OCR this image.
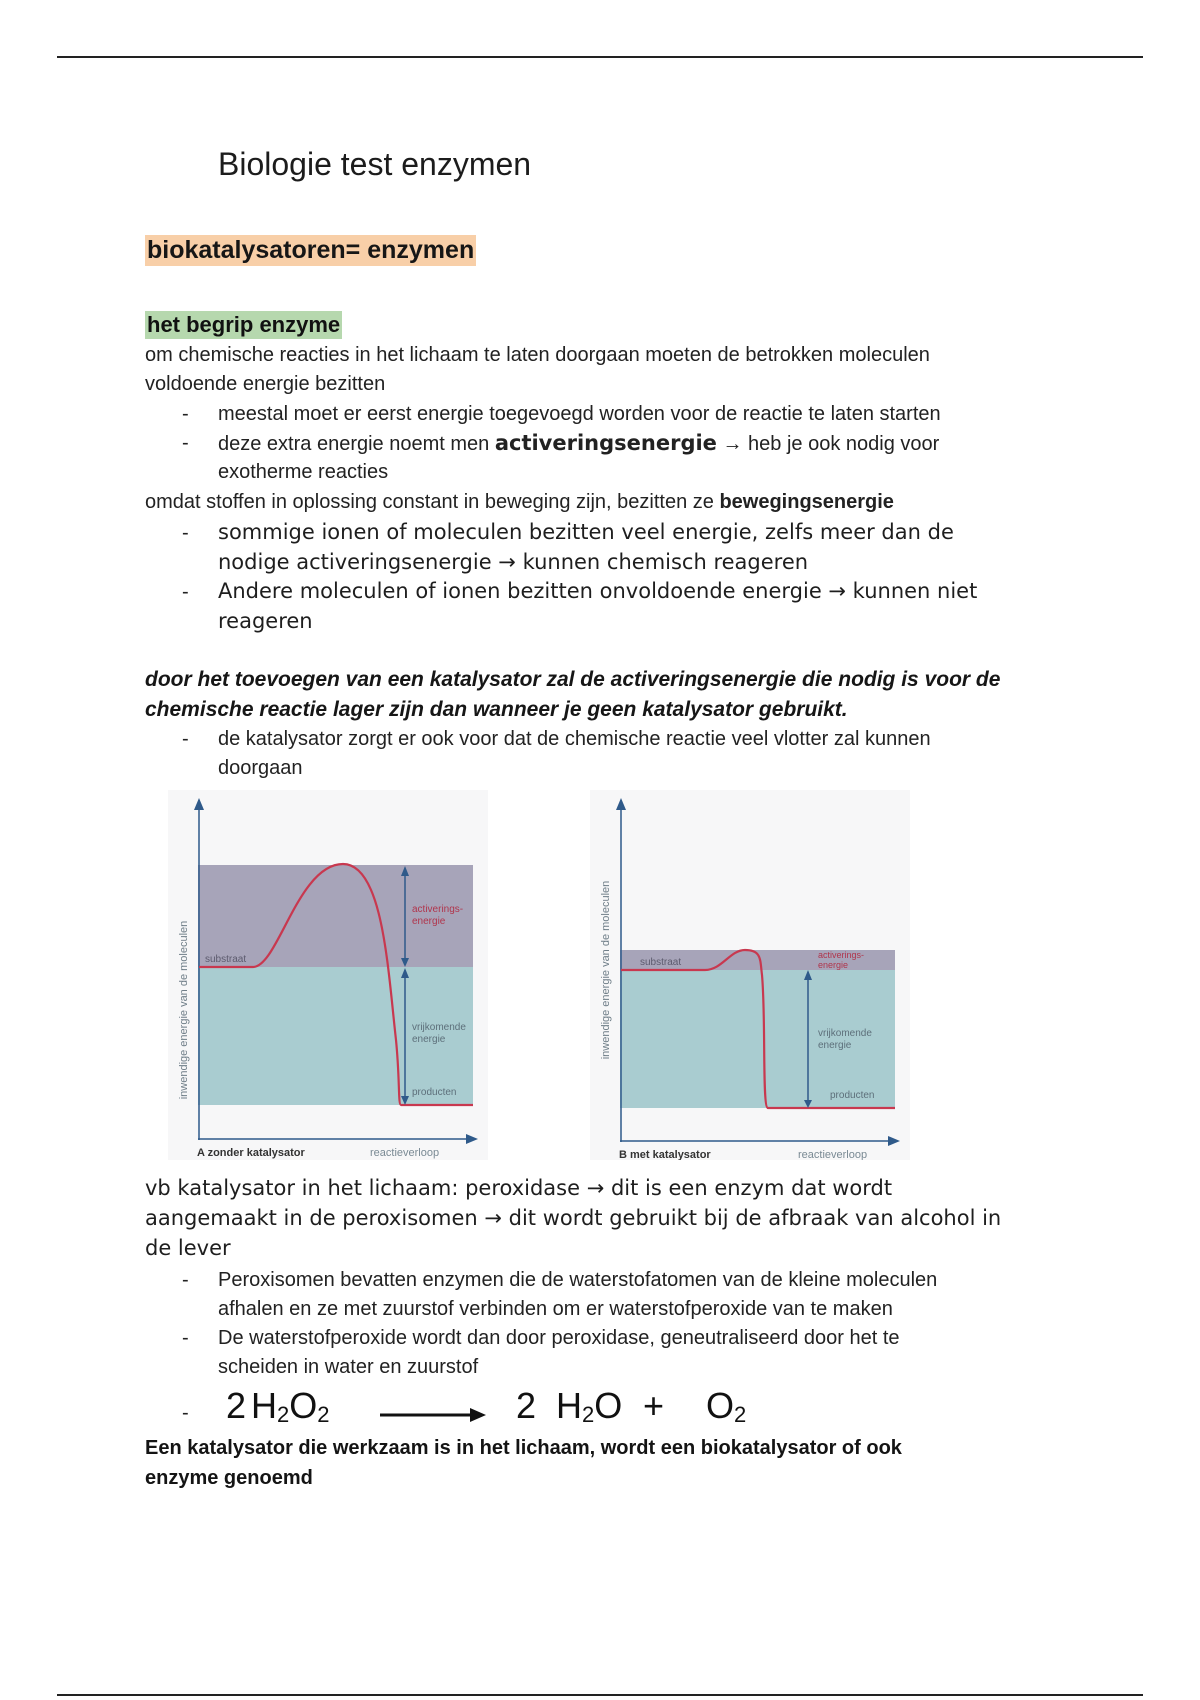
Biologie test enzymen
biokatalysatoren= enzymen
het begrip enzyme
om chemische reacties in het lichaam te laten doorgaan moeten de betrokken moleculen
voldoende energie bezitten
- meestal moet er eerst energie toegevoegd worden voor de reactie te laten starten
- deze extra energie noemt men activeringsenergie → heb je ook nodig voor
exotherme reacties
omdat stoffen in oplossing constant in beweging zijn, bezitten ze bewegingsenergie
- sommige ionen of moleculen bezitten veel energie, zelfs meer dan de
nodige activeringsenergie → kunnen chemisch reageren
- Andere moleculen of ionen bezitten onvoldoende energie → kunnen niet
reageren
door het toevoegen van een katalysator zal de activeringsenergie die nodig is voor de
chemische reactie lager zijn dan wanneer je geen katalysator gebruikt.
- de katalysator zorgt er ook voor dat de chemische reactie veel vlotter zal kunnen
doorgaan
inwendige energie van de moleculen substraat
activerings-
energie
vrijkomende
energie
producten
A zonder katalysator	reactieverloop
inwendige energie van de moleculen	substraat
activerings-
energie
vrijkomende
energie
producten
B met katalysator	reactieverloop
vb katalysator in het lichaam: peroxidase → dit is een enzym dat wordt
aangemaakt in de peroxisomen → dit wordt gebruikt bij de afbraak van alcohol in
de lever
- Peroxisomen bevatten enzymen die de waterstofatomen van de kleine moleculen
afhalen en ze met zuurstof verbinden om er waterstofperoxide van te maken
- De waterstofperoxide wordt dan door peroxidase, geneutraliseerd door het te
scheiden in water en zuurstof
- 2 $H_2O_2 \to 2$ $H_2O + O_2$
Een katalysator die werkzaam is in het lichaam, wordt een biokatalysator of ook
enzyme genoemd
